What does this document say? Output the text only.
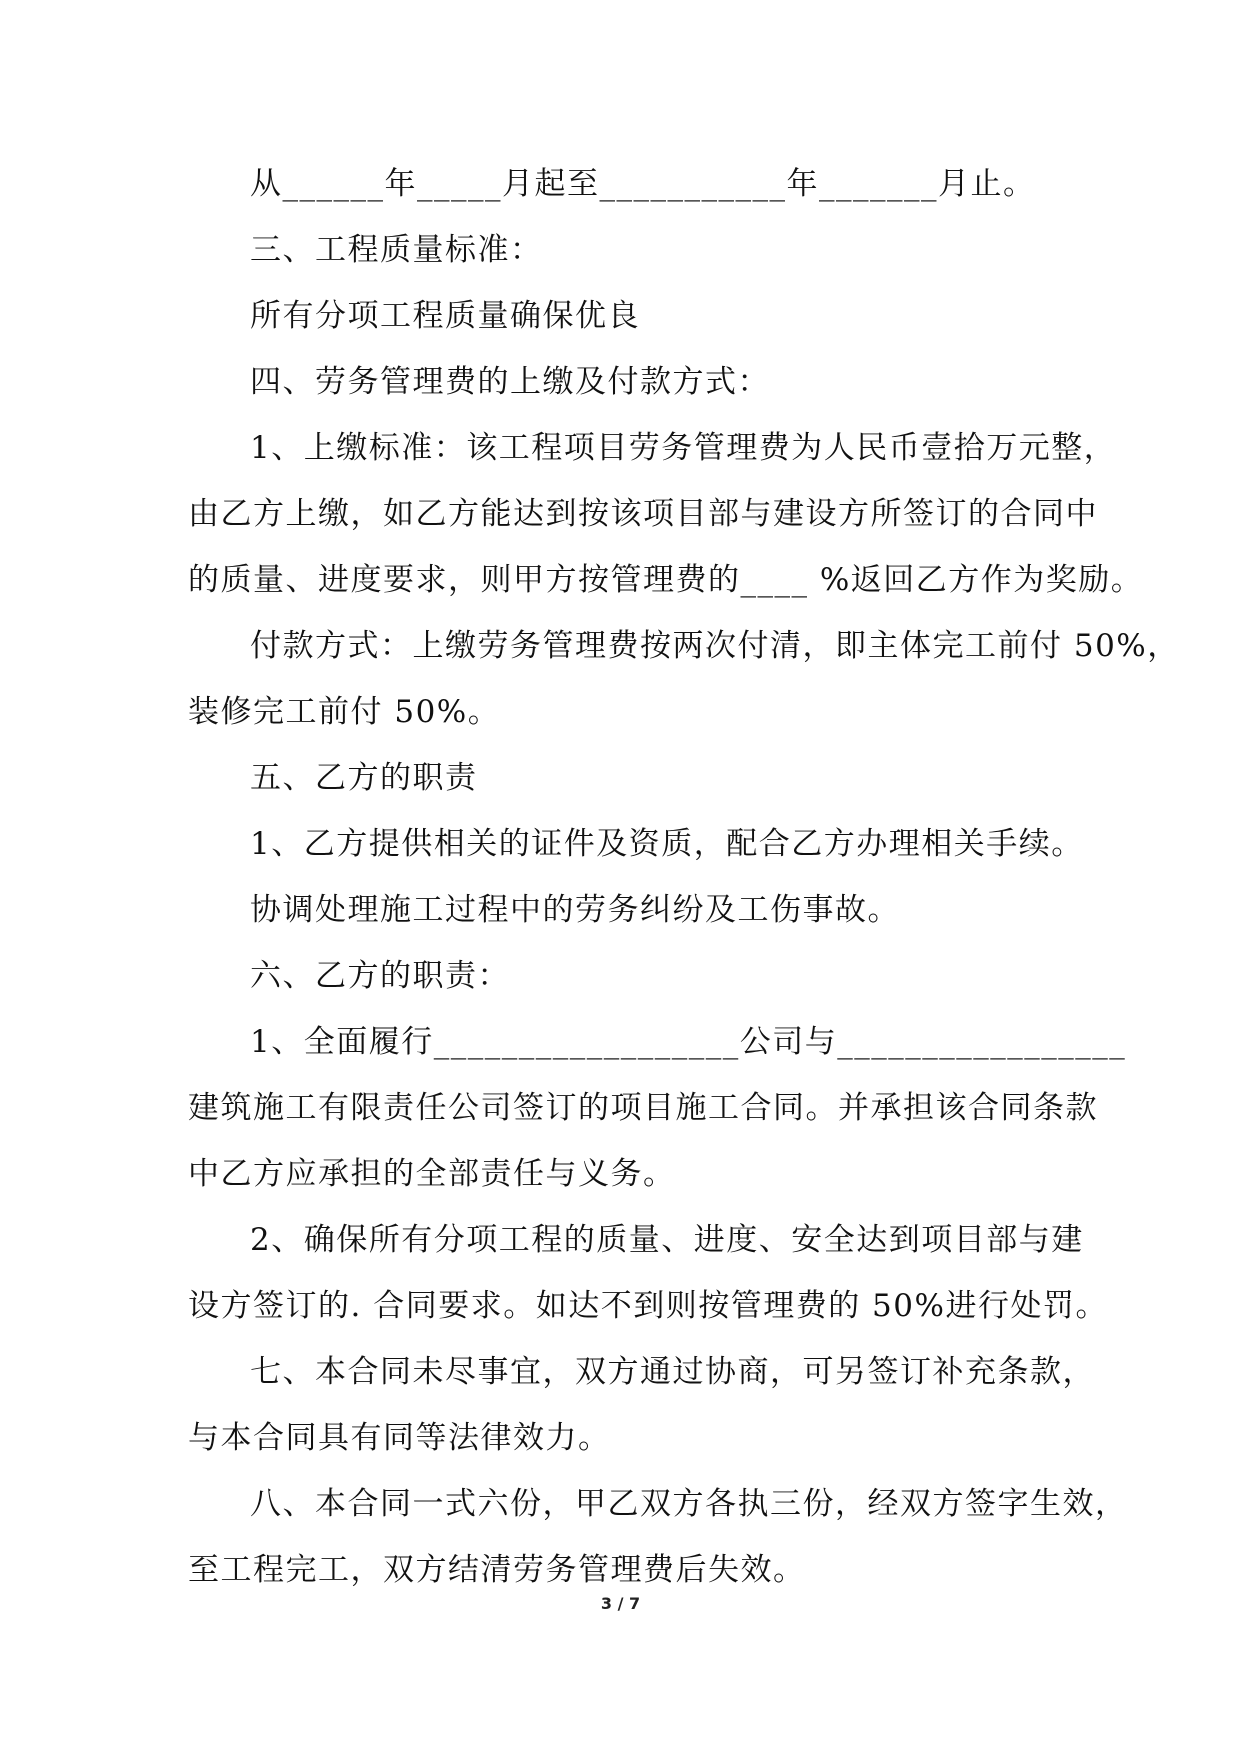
从______年_____月起至___________年_______月止。
三、工程质量标准：
所有分项工程质量确保优良
四、劳务管理费的上缴及付款方式：
1、上缴标准：该工程项目劳务管理费为人民币壹拾万元整，
由乙方上缴，如乙方能达到按该项目部与建设方所签订的合同中
的质量、进度要求，则甲方按管理费的____ %返回乙方作为奖励。
付款方式：上缴劳务管理费按两次付清，即主体完工前付 50%，
装修完工前付 50%。
五、乙方的职责
1、乙方提供相关的证件及资质，配合乙方办理相关手续。
协调处理施工过程中的劳务纠纷及工伤事故。
六、乙方的职责：
1、全面履行__________________公司与_________________
建筑施工有限责任公司签订的项目施工合同。并承担该合同条款
中乙方应承担的全部责任与义务。
2、确保所有分项工程的质量、进度、安全达到项目部与建
设方签订的. 合同要求。如达不到则按管理费的 50%进行处罚。
七、本合同未尽事宜，双方通过协商，可另签订补充条款，
与本合同具有同等法律效力。
八、本合同一式六份，甲乙双方各执三份，经双方签字生效，
至工程完工，双方结清劳务管理费后失效。
3 / 7
